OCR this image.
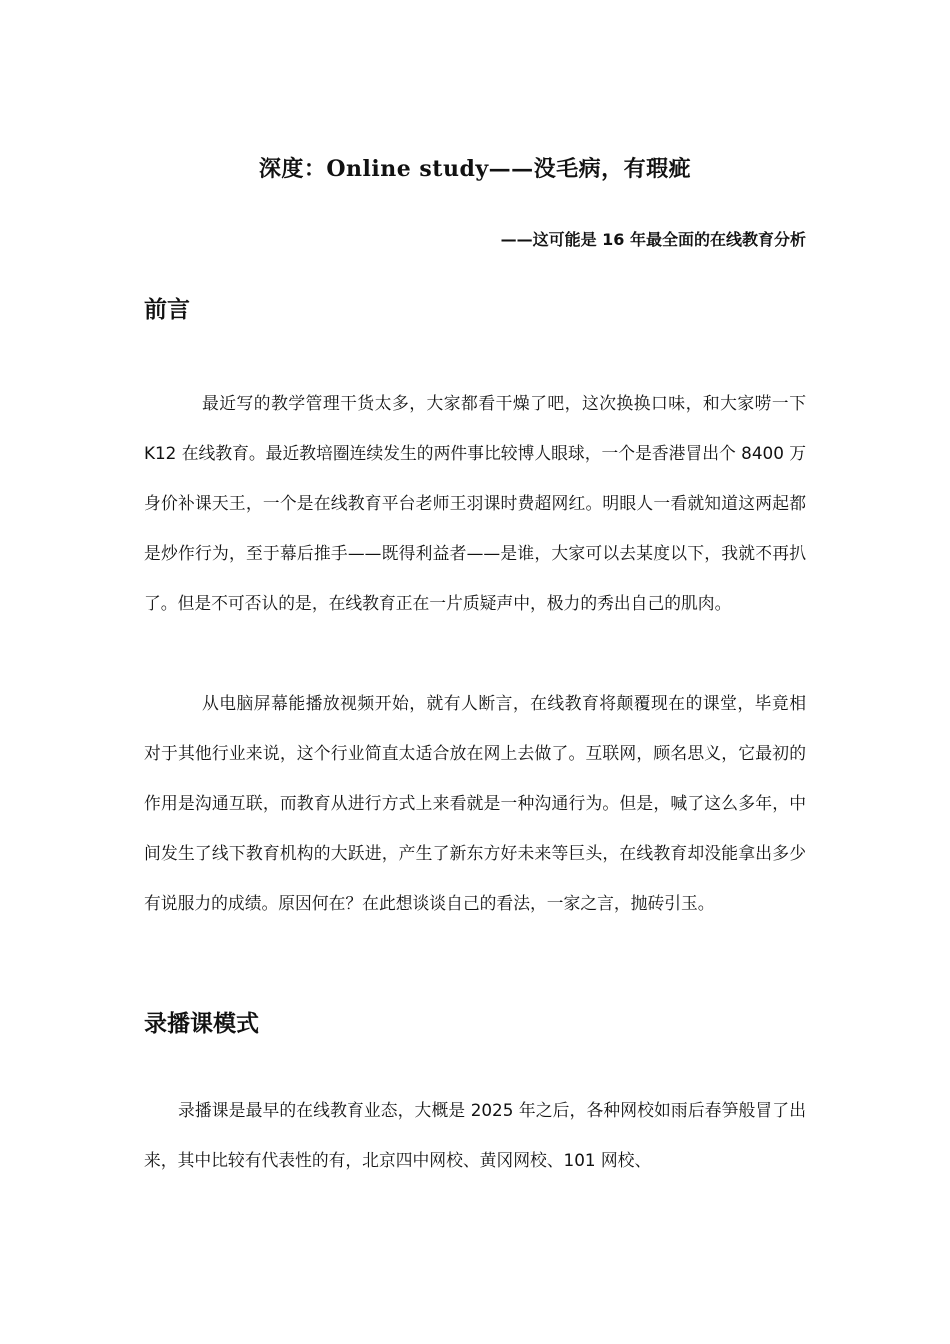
深度：Online study——没毛病，有瑕疵

——这可能是 16 年最全面的在线教育分析

前言

最近写的教学管理干货太多，大家都看干燥了吧，这次换换口味，和大家唠一下 K12 在线教育。最近教培圈连续发生的两件事比较博人眼球，一个是香港冒出个 8400 万身价补课天王，一个是在线教育平台老师王羽课时费超网红。明眼人一看就知道这两起都是炒作行为，至于幕后推手——既得利益者——是谁，大家可以去某度以下，我就不再扒了。但是不可否认的是，在线教育正在一片质疑声中，极力的秀出自己的肌肉。

从电脑屏幕能播放视频开始，就有人断言，在线教育将颠覆现在的课堂，毕竟相对于其他行业来说，这个行业简直太适合放在网上去做了。互联网，顾名思义，它最初的作用是沟通互联，而教育从进行方式上来看就是一种沟通行为。但是，喊了这么多年，中间发生了线下教育机构的大跃进，产生了新东方好未来等巨头，在线教育却没能拿出多少有说服力的成绩。原因何在？在此想谈谈自己的看法，一家之言，抛砖引玉。

录播课模式

录播课是最早的在线教育业态，大概是 2025 年之后，各种网校如雨后春笋般冒了出来，其中比较有代表性的有，北京四中网校、黄冈网校、101 网校、
